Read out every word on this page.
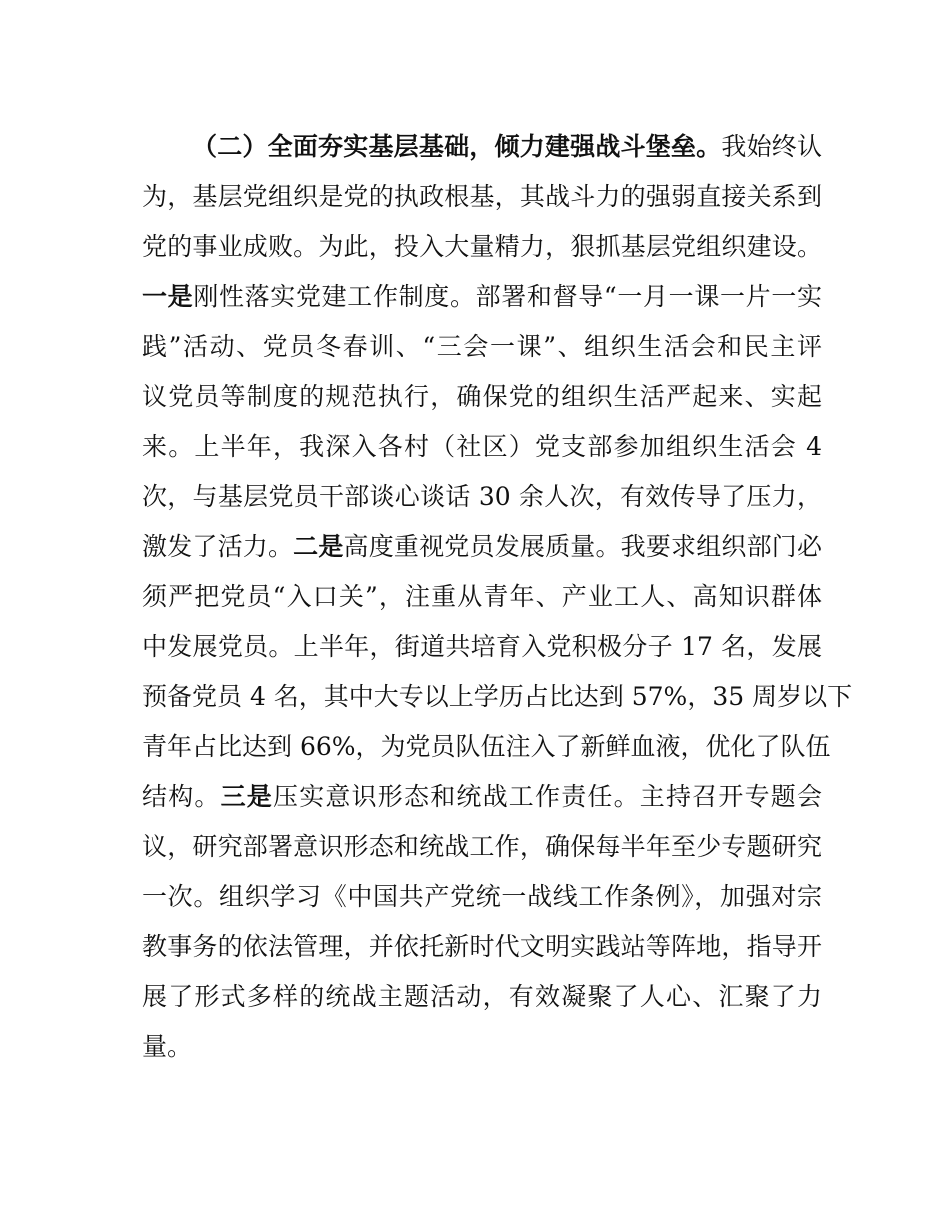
（二）全面夯实基层基础，倾力建强战斗堡垒。我始终认
为，基层党组织是党的执政根基，其战斗力的强弱直接关系到
党的事业成败。为此，投入大量精力，狠抓基层党组织建设。
一是刚性落实党建工作制度。部署和督导“一月一课一片一实
践”活动、党员冬春训、“三会一课”、组织生活会和民主评
议党员等制度的规范执行，确保党的组织生活严起来、实起
来。上半年，我深入各村（社区）党支部参加组织生活会 4
次，与基层党员干部谈心谈话 30 余人次，有效传导了压力，
激发了活力。二是高度重视党员发展质量。我要求组织部门必
须严把党员“入口关”，注重从青年、产业工人、高知识群体
中发展党员。上半年，街道共培育入党积极分子 17 名，发展
预备党员 4 名，其中大专以上学历占比达到 57%，35 周岁以下
青年占比达到 66%，为党员队伍注入了新鲜血液，优化了队伍
结构。三是压实意识形态和统战工作责任。主持召开专题会
议，研究部署意识形态和统战工作，确保每半年至少专题研究
一次。组织学习《中国共产党统一战线工作条例》，加强对宗
教事务的依法管理，并依托新时代文明实践站等阵地，指导开
展了形式多样的统战主题活动，有效凝聚了人心、汇聚了力
量。
